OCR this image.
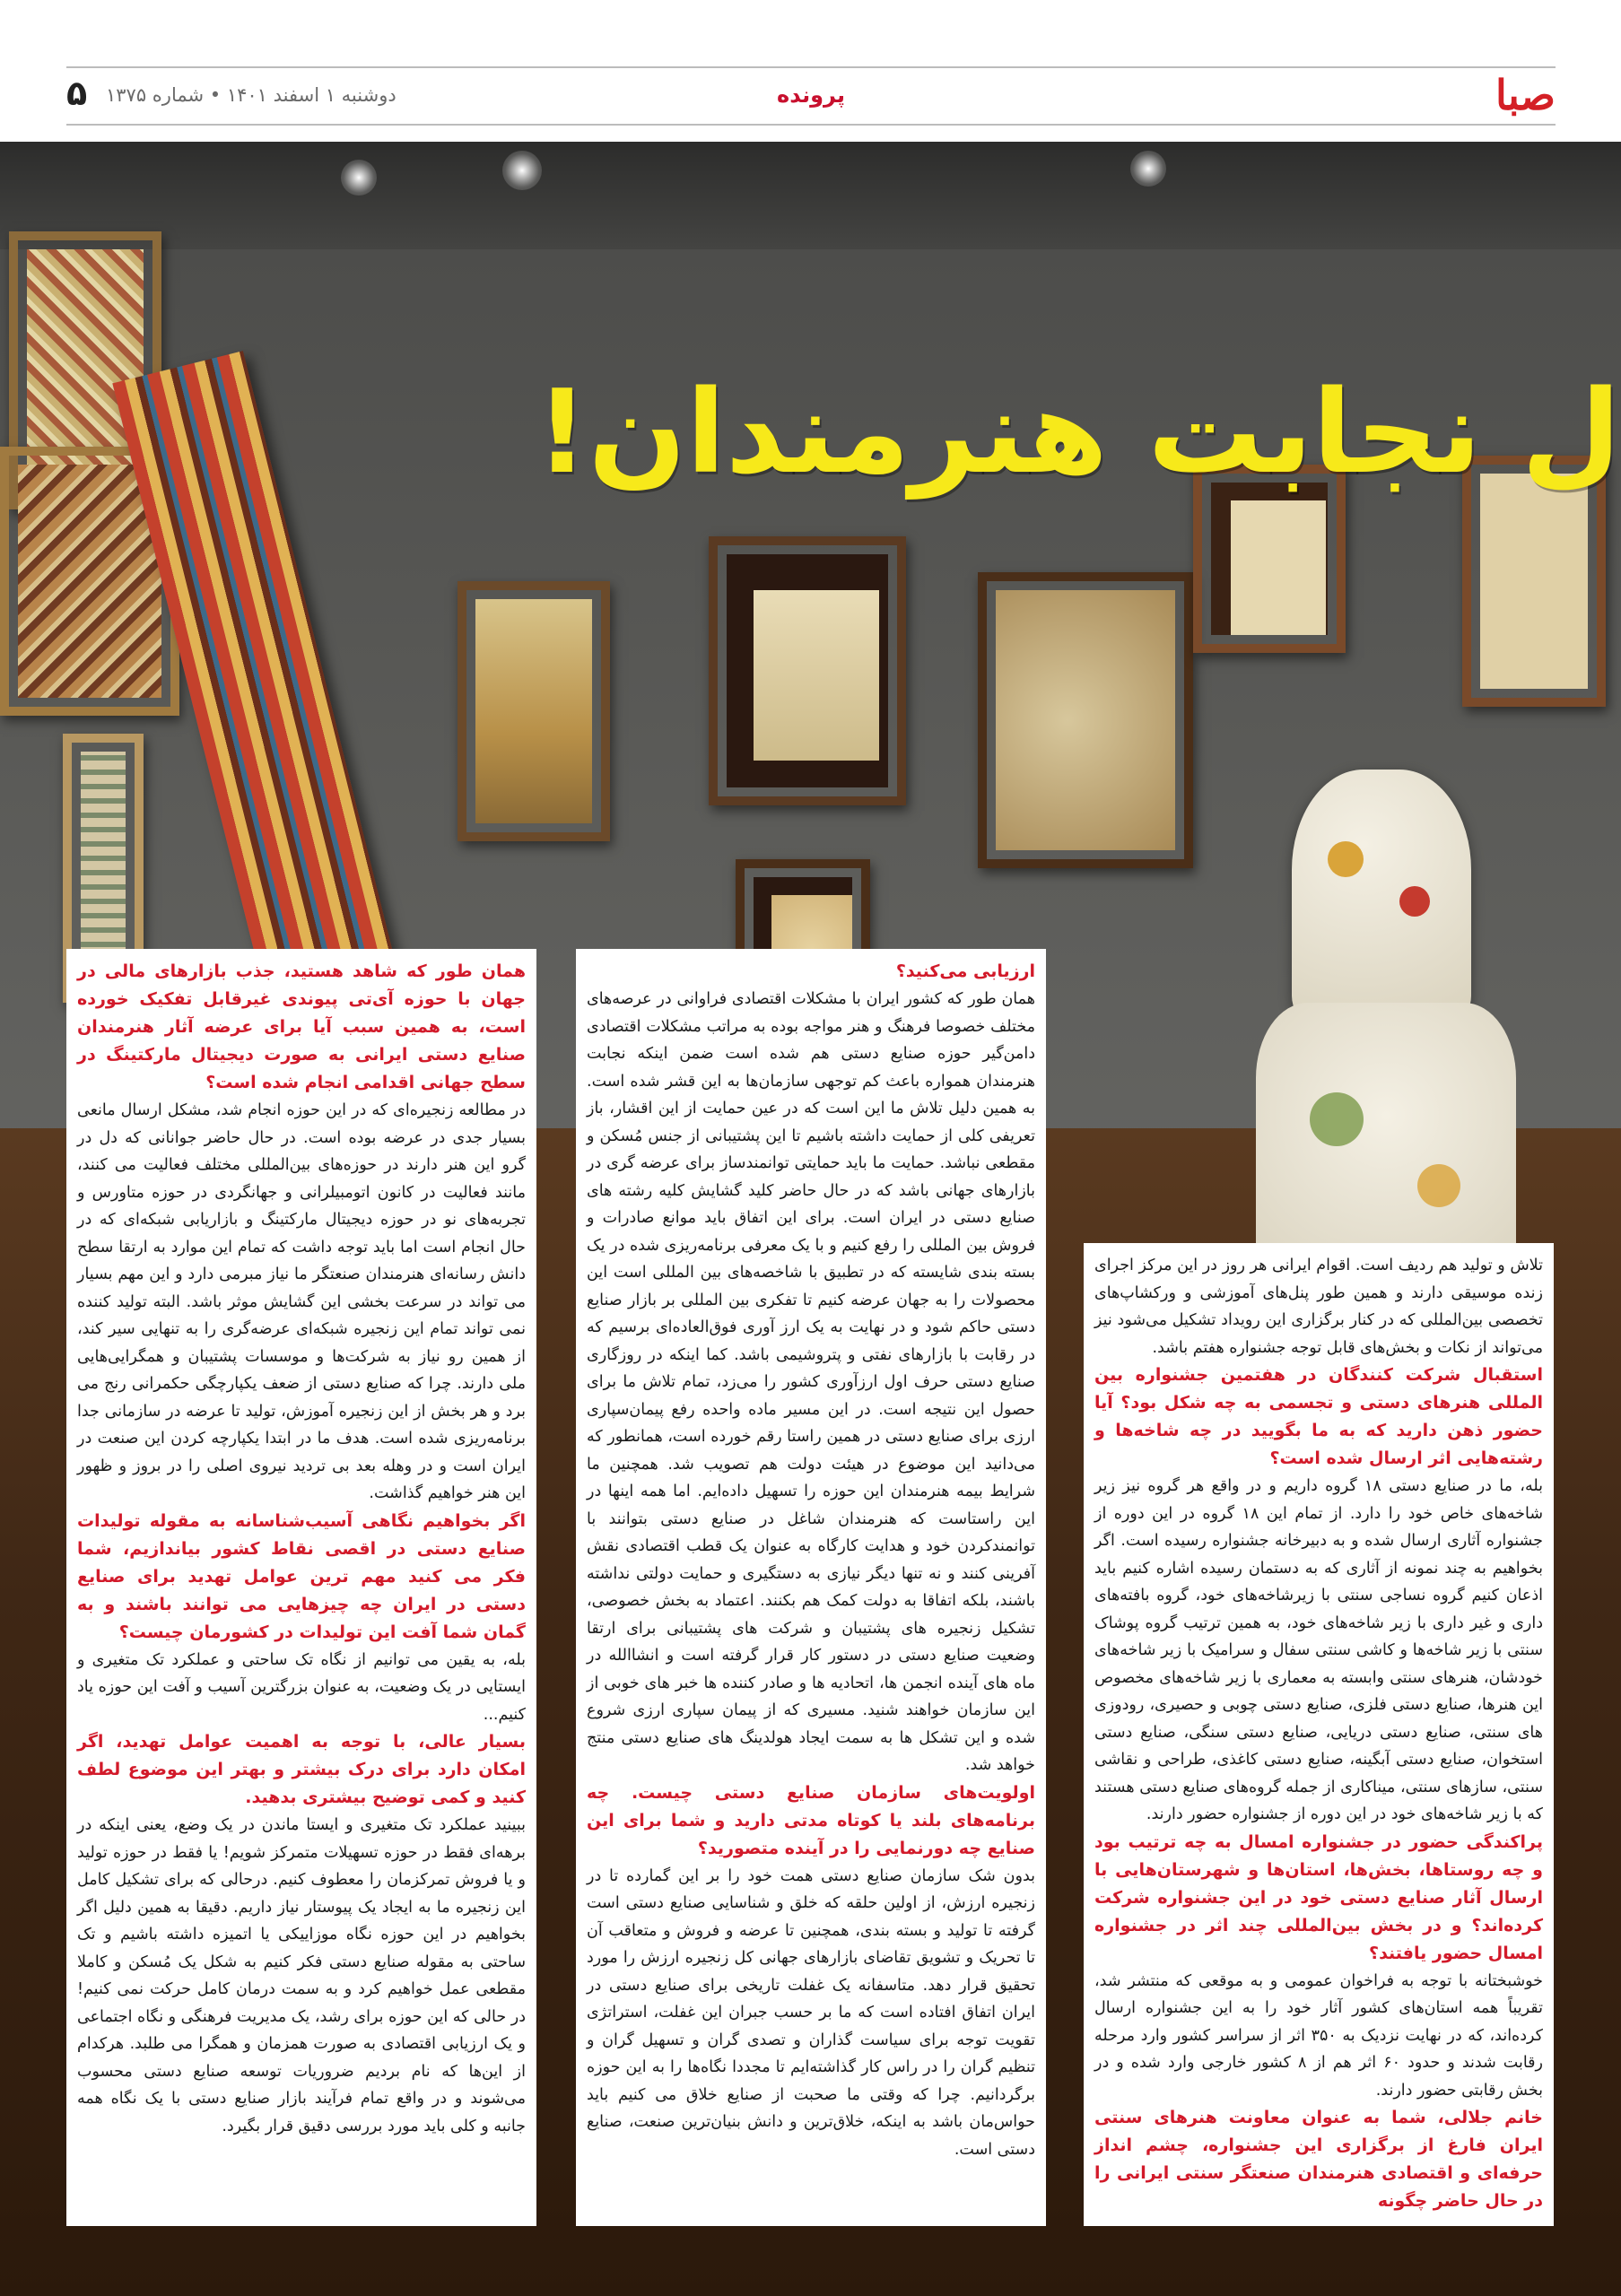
صبا
پرونده
دوشنبه ۱ اسفند ۱۴۰۱ • شماره ۱۳۷۵
۵
ل نجابت هنرمندان!

تلاش و تولید هم ردیف است. اقوام ایرانی هر روز در این مرکز اجرای زنده موسیقی دارند و همین طور پنل‌های آموزشی و ورکشاپ‌های تخصصی بین‌المللی که در کنار برگزاری این رویداد تشکیل می‌شود نیز می‌تواند از نکات و بخش‌های قابل توجه جشنواره هفتم باشد.

استقبال شرکت کنندگان در هفتمین جشنواره بین المللی هنرهای دستی و تجسمی به چه شکل بود؟ آیا حضور ذهن دارید که به ما بگویید در چه شاخه‌ها و رشته‌هایی اثر ارسال شده است؟

بله، ما در صنایع دستی ۱۸ گروه داریم و در واقع هر گروه نیز زیر شاخه‌های خاص خود را دارد. از تمام این ۱۸ گروه در این دوره از جشنواره آثاری ارسال شده و به دبیرخانه جشنواره رسیده است. اگر بخواهیم به چند نمونه از آثاری که به دستمان رسیده اشاره کنیم باید اذعان کنیم گروه نساجی سنتی با زیرشاخه‌های خود، گروه بافته‌های داری و غیر داری با زیر شاخه‌های خود، به همین ترتیب گروه پوشاک سنتی با زیر شاخه‌ها و کاشی سنتی سفال و سرامیک با زیر شاخه‌های خودشان، هنرهای سنتی وابسته به معماری با زیر شاخه‌های مخصوص این هنرها، صنایع دستی فلزی، صنایع دستی چوبی و حصیری، رودوزی های سنتی، صنایع دستی دریایی، صنایع دستی سنگی، صنایع دستی استخوان، صنایع دستی آبگینه، صنایع دستی کاغذی، طراحی و نقاشی سنتی، سازهای سنتی، میناکاری از جمله گروه‌های صنایع دستی هستند که با زیر شاخه‌های خود در این دوره از جشنواره حضور دارند.

پراکندگی حضور در جشنواره امسال به چه ترتیب بود و چه روستاها، بخش‌ها، استان‌ها و شهرستان‌هایی با ارسال آثار صنایع دستی خود در این جشنواره شرکت کرده‌اند؟ و در بخش بین‌المللی چند اثر در جشنواره امسال حضور یافتند؟

خوشبختانه با توجه به فراخوان عمومی و به موقعی که منتشر شد، تقریباً همه استان‌های کشور آثار خود را به این جشنواره ارسال کرده‌اند، که در نهایت نزدیک به ۳۵۰ اثر از سراسر کشور وارد مرحله رقابت شدند و حدود ۶۰ اثر هم از ۸ کشور خارجی وارد شده و در بخش رقابتی حضور دارند.

خانم جلالی، شما به عنوان معاونت هنرهای سنتی ایران فارغ از برگزاری این جشنواره، چشم انداز حرفه‌ای و اقتصادی هنرمندان صنعتگر سنتی ایرانی را در حال حاضر چگونه

ارزیابی می‌کنید؟

همان طور که کشور ایران با مشکلات اقتصادی فراوانی در عرصه‌های مختلف خصوصا فرهنگ و هنر مواجه بوده به مراتب مشکلات اقتصادی دامن‌گیر حوزه صنایع دستی هم شده است ضمن اینکه نجابت هنرمندان همواره باعث کم توجهی سازمان‌ها به این قشر شده است. به همین دلیل تلاش ما این است که در عین حمایت از این اقشار، باز تعریفی کلی از حمایت داشته باشیم تا این پشتیبانی از جنس مُسکن و مقطعی نباشد. حمایت ما باید حمایتی توانمندساز برای عرضه گری در بازارهای جهانی باشد که در حال حاضر کلید گشایش کلیه رشته های صنایع دستی در ایران است. برای این اتفاق باید موانع صادرات و فروش بین المللی را رفع کنیم و با یک معرفی برنامه‌ریزی شده در یک بسته بندی شایسته که در تطبیق با شاخصه‌های بین المللی است این محصولات را به جهان عرضه کنیم تا تفکری بین المللی بر بازار صنایع دستی حاکم شود و در نهایت به یک ارز آوری فوق‌العاده‌ای برسیم که در رقابت با بازارهای نفتی و پتروشیمی باشد. کما اینکه در روزگاری صنایع دستی حرف اول ارزآوری کشور را می‌زد، تمام تلاش ما برای حصول این نتیجه است. در این مسیر ماده واحده رفع پیمان‌سپاری ارزی برای صنایع دستی در همین راستا رقم خورده است، همانطور که می‌دانید این موضوع در هیئت دولت هم تصویب شد. همچنین ما شرایط بیمه هنرمندان این حوزه را تسهیل داده‌ایم. اما همه اینها در این راستاست که هنرمندان شاغل در صنایع دستی بتوانند با توانمندکردن خود و هدایت کارگاه به عنوان یک قطب اقتصادی نقش آفرینی کنند و نه تنها دیگر نیازی به دستگیری و حمایت دولتی نداشته باشند، بلکه اتفاقا به دولت کمک هم بکنند. اعتماد به بخش خصوصی، تشکیل زنجیره های پشتیبان و شرکت های پشتیبانی برای ارتقا وضعیت صنایع دستی در دستور کار قرار گرفته است و انشاالله در ماه های آینده انجمن ها، اتحادیه ها و صادر کننده ها خبر های خوبی از این سازمان خواهند شنید. مسیری که از پیمان سپاری ارزی شروع شده و این تشکل ها به سمت ایجاد هولدینگ های صنایع دستی منتج خواهد شد.

اولویت‌های سازمان صنایع دستی چیست. چه برنامه‌های بلند یا کوتاه مدتی دارید و شما برای این صنایع چه دورنمایی را در آینده متصورید؟

بدون شک سازمان صنایع دستی همت خود را بر این گمارده تا در زنجیره ارزش، از اولین حلقه که خلق و شناسایی صنایع دستی است گرفته تا تولید و بسته بندی، همچنین تا عرضه و فروش و متعاقب آن تا تحریک و تشویق تقاضای بازارهای جهانی کل زنجیره ارزش را مورد تحقیق قرار دهد. متاسفانه یک غفلت تاریخی برای صنایع دستی در ایران اتفاق افتاده است که ما بر حسب جبران این غفلت، استراتژی تقویت توجه برای سیاست گذاران و تصدی گران و تسهیل گران و تنظیم گران را در راس کار گذاشته‌ایم تا مجددا نگاه‌ها را به این حوزه برگردانیم. چرا که وقتی ما صحبت از صنایع خلاق می کنیم باید حواس‌مان باشد به اینکه، خلاق‌ترین و دانش بنیان‌ترین صنعت، صنایع دستی است.

همان طور که شاهد هستید، جذب بازارهای مالی در جهان با حوزه آی‌تی پیوندی غیرقابل تفکیک خورده است، به همین سبب آیا برای عرضه آثار هنرمندان صنایع دستی ایرانی به صورت دیجیتال مارکتینگ در سطح جهانی اقدامی انجام شده است؟

در مطالعه زنجیره‌ای که در این حوزه انجام شد، مشکل ارسال مانعی بسیار جدی در عرضه بوده است. در حال حاضر جوانانی که دل در گرو این هنر دارند در حوزه‌های بین‌المللی مختلف فعالیت می کنند، مانند فعالیت در کانون اتومبیلرانی و جهانگردی در حوزه متاورس و تجربه‌های نو در حوزه دیجیتال مارکتینگ و بازاریابی شبکه‌ای که در حال انجام است اما باید توجه داشت که تمام این موارد به ارتقا سطح دانش رسانه‌ای هنرمندان صنعتگر ما نیاز مبرمی دارد و این مهم بسیار می تواند در سرعت بخشی این گشایش موثر باشد. البته تولید کننده نمی تواند تمام این زنجیره شبکه‌ای عرضه‌گری را به تنهایی سیر کند، از همین رو نیاز به شرکت‌ها و موسسات پشتیبان و همگرایی‌هایی ملی دارند. چرا که صنایع دستی از ضعف یکپارچگی حکمرانی رنج می برد و هر بخش از این زنجیره آموزش، تولید تا عرضه در سازمانی جدا برنامه‌ریزی شده است. هدف ما در ابتدا یکپارچه کردن این صنعت در ایران است و در وهله بعد بی تردید نیروی اصلی را در بروز و ظهور این هنر خواهیم گذاشت.

اگر بخواهیم نگاهی آسیب‌شناسانه به مقوله تولیدات صنایع دستی در اقصی نقاط کشور بیاندازیم، شما فکر می کنید مهم ترین عوامل تهدید برای صنایع دستی در ایران چه چیزهایی می توانند باشند و به گمان شما آفت این تولیدات در کشورمان چیست؟

بله، به یقین می توانیم از نگاه تک ساحتی و عملکرد تک متغیری و ایستایی در یک وضعیت، به عنوان بزرگترین آسیب و آفت این حوزه یاد کنیم...

بسیار عالی، با توجه به اهمیت عوامل تهدید، اگر امکان دارد برای درک بیشتر و بهتر این موضوع لطف کنید و کمی توضیح بیشتری بدهید.

ببینید عملکرد تک متغیری و ایستا ماندن در یک وضع، یعنی اینکه در برهه‌ای فقط در حوزه تسهیلات متمرکز شویم! یا فقط در حوزه تولید و یا فروش تمرکزمان را معطوف کنیم. درحالی که برای تشکیل کامل این زنجیره ما به ایجاد یک پیوستار نیاز داریم. دقیقا به همین دلیل اگر بخواهیم در این حوزه نگاه موزاییکی یا اتمیزه داشته باشیم و تک ساحتی به مقوله صنایع دستی فکر کنیم به شکل یک مُسکن و کاملا مقطعی عمل خواهیم کرد و به سمت درمان کامل حرکت نمی کنیم! در حالی که این حوزه برای رشد، یک مدیریت فرهنگی و نگاه اجتماعی و یک ارزیابی اقتصادی به صورت همزمان و همگرا می طلبد. هرکدام از این‌ها که نام بردیم ضروریات توسعه صنایع دستی محسوب می‌شوند و در واقع تمام فرآیند بازار صنایع دستی با یک نگاه همه جانبه و کلی باید مورد بررسی دقیق قرار بگیرد.
